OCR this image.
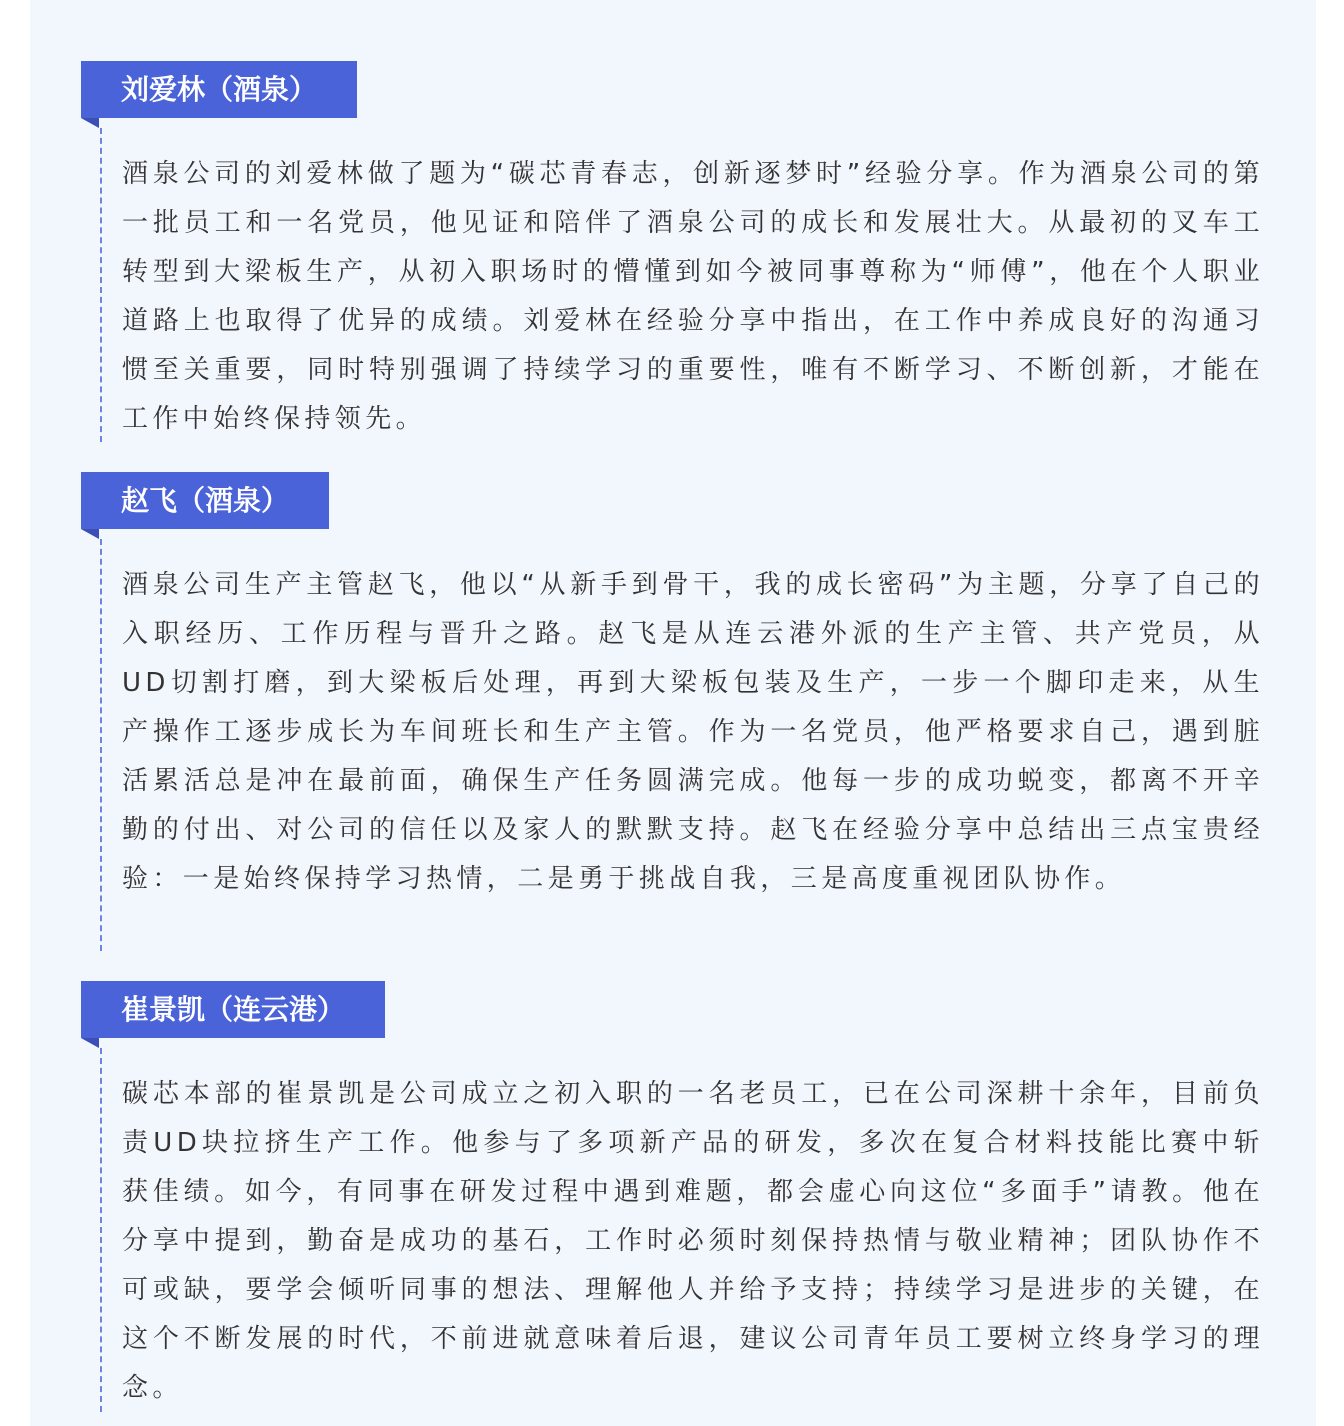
刘爱林（酒泉）

酒泉公司的刘爱林做了题为“碳芯青春志，创新逐梦时”经验分享。作为酒泉公司的第一批员工和一名党员，他见证和陪伴了酒泉公司的成长和发展壮大。从最初的叉车工转型到大梁板生产，从初入职场时的懵懂到如今被同事尊称为“师傅”，他在个人职业道路上也取得了优异的成绩。刘爱林在经验分享中指出，在工作中养成良好的沟通习惯至关重要，同时特别强调了持续学习的重要性，唯有不断学习、不断创新，才能在工作中始终保持领先。

赵飞（酒泉）

酒泉公司生产主管赵飞，他以“从新手到骨干，我的成长密码”为主题，分享了自己的入职经历、工作历程与晋升之路。赵飞是从连云港外派的生产主管、共产党员，从UD切割打磨，到大梁板后处理，再到大梁板包装及生产，一步一个脚印走来，从生产操作工逐步成长为车间班长和生产主管。作为一名党员，他严格要求自己，遇到脏活累活总是冲在最前面，确保生产任务圆满完成。他每一步的成功蜕变，都离不开辛勤的付出、对公司的信任以及家人的默默支持。赵飞在经验分享中总结出三点宝贵经验：一是始终保持学习热情，二是勇于挑战自我，三是高度重视团队协作。

崔景凯（连云港）

碳芯本部的崔景凯是公司成立之初入职的一名老员工，已在公司深耕十余年，目前负责UD块拉挤生产工作。他参与了多项新产品的研发，多次在复合材料技能比赛中斩获佳绩。如今，有同事在研发过程中遇到难题，都会虚心向这位“多面手”请教。他在分享中提到，勤奋是成功的基石，工作时必须时刻保持热情与敬业精神；团队协作不可或缺，要学会倾听同事的想法、理解他人并给予支持；持续学习是进步的关键，在这个不断发展的时代，不前进就意味着后退，建议公司青年员工要树立终身学习的理念。
